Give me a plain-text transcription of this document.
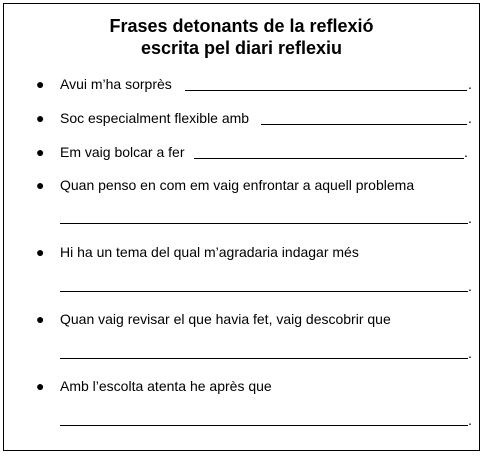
Frases detonants de la reflexió
escrita pel diari reflexiu
● Avui m’ha sorprès	.
● Soc especialment flexible amb	.
● Em vaig bolcar a fer	.
● Quan penso en com em vaig enfrontar a aquell problema
.
● Hi ha un tema del qual m’agradaria indagar més
.
● Quan vaig revisar el que havia fet, vaig descobrir que
.
● Amb l’escolta atenta he après que
.
